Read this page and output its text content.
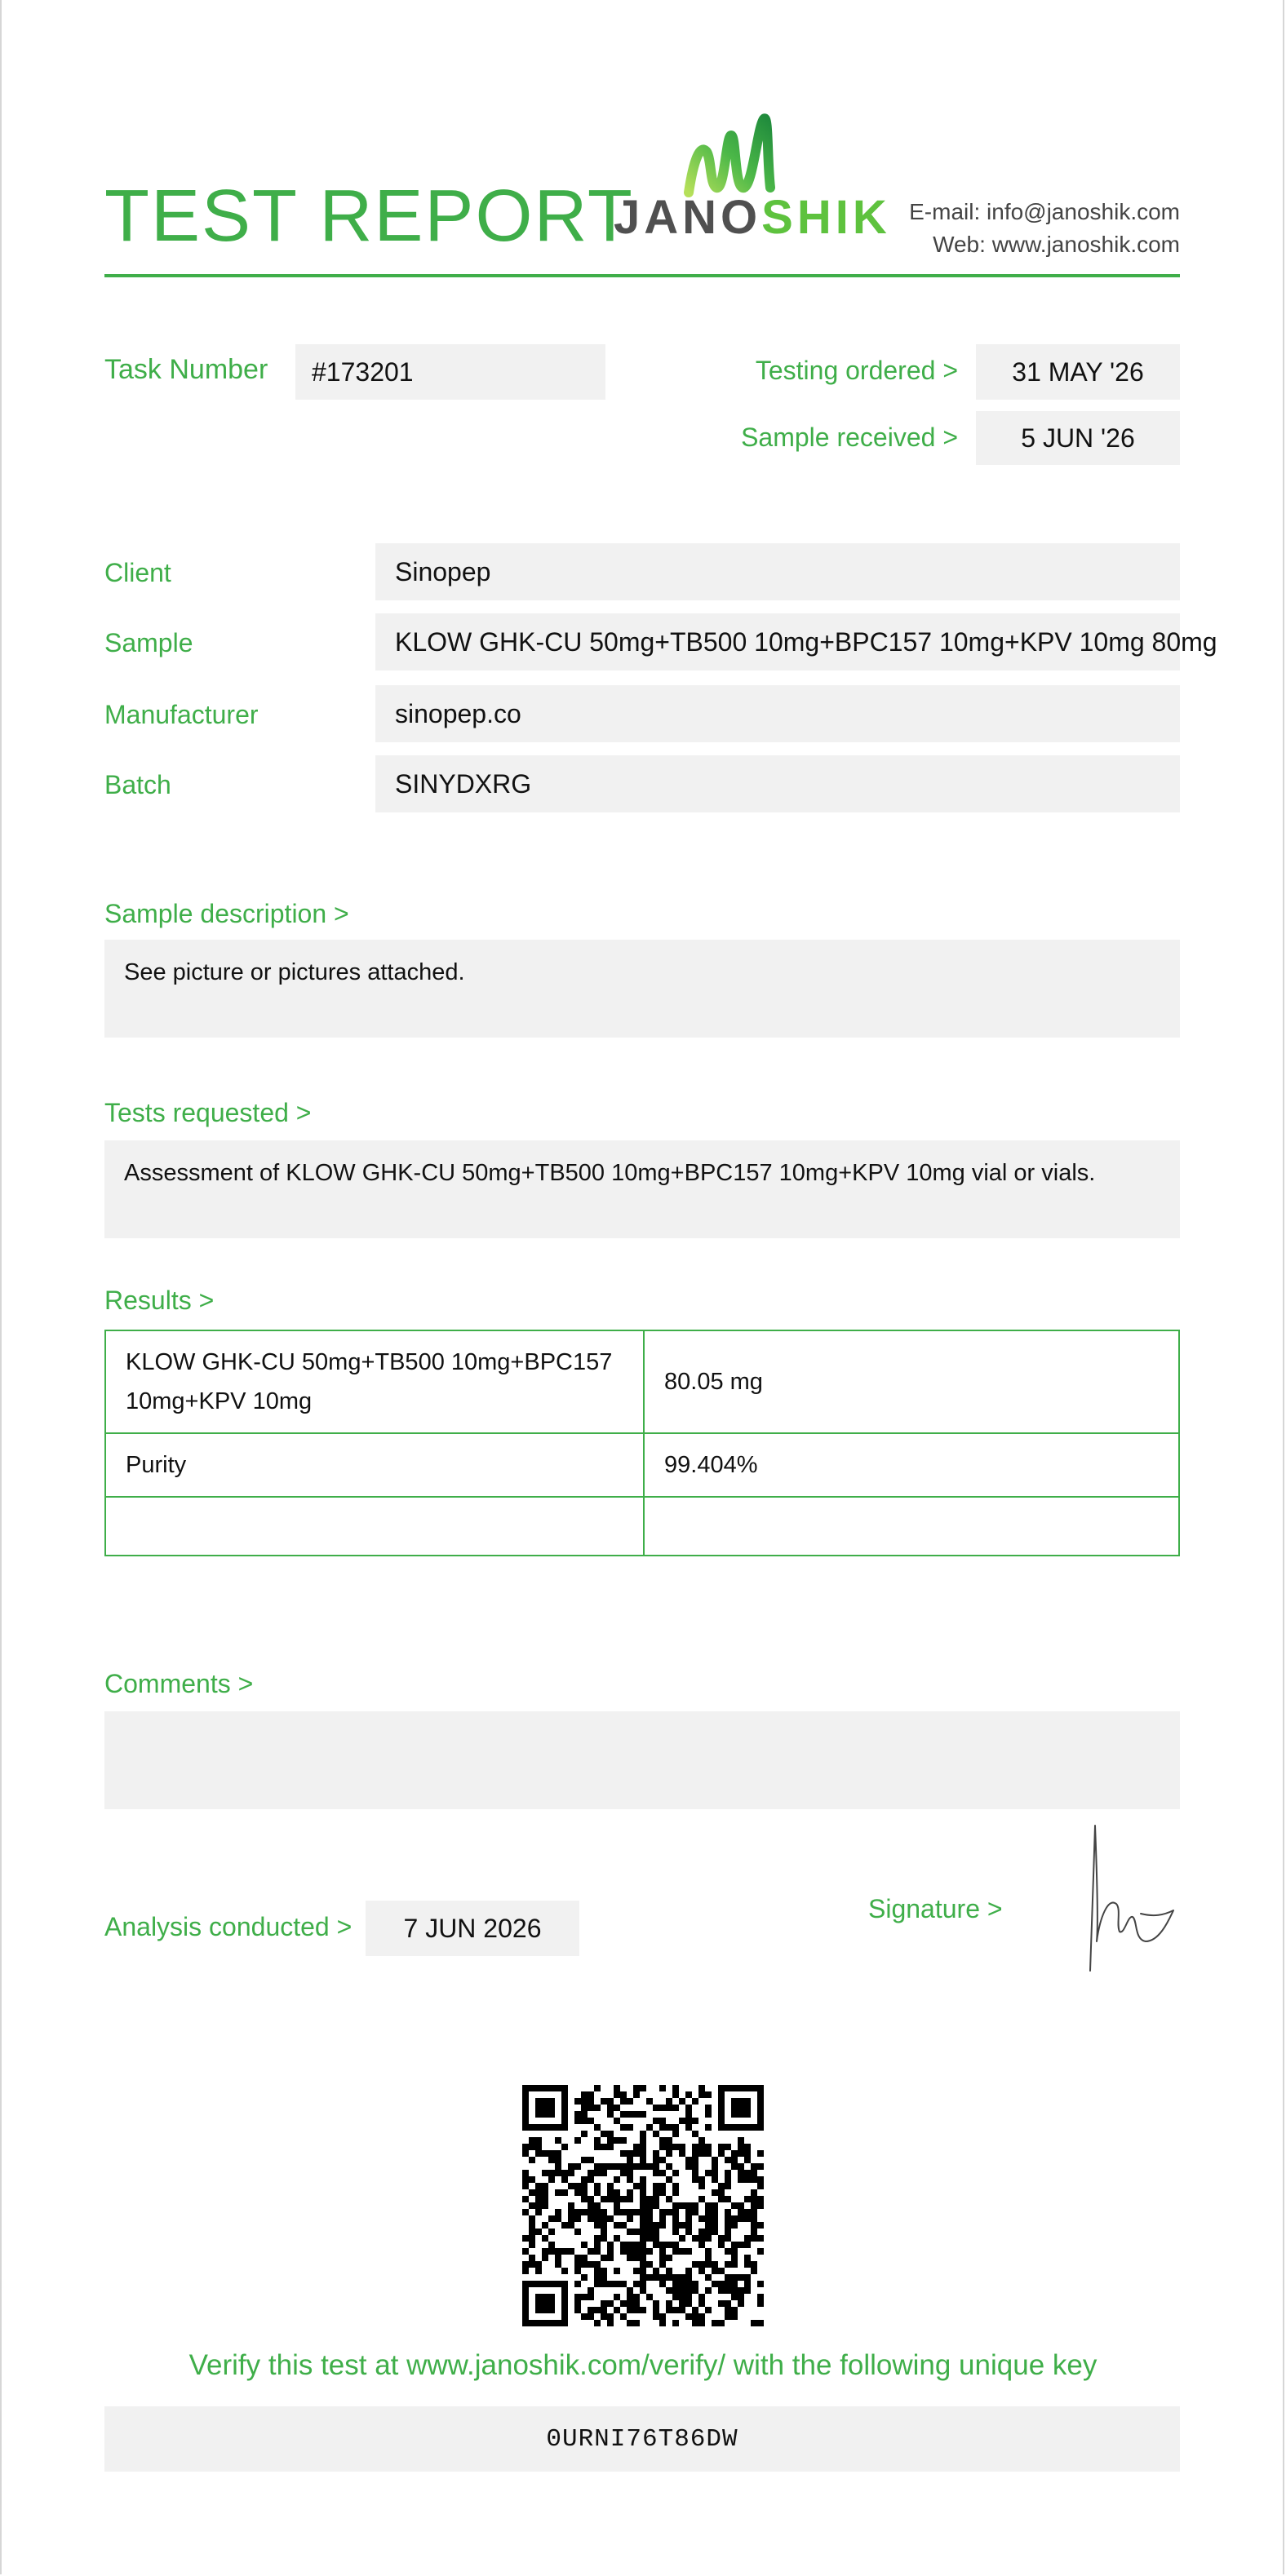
TEST REPORT
JANOSHIK E-mail: info@janoshik.com
Web: www.janoshik.com
Task Number	#173201	Testing ordered >	31 MAY '26
Sample received >	5 JUN '26
Client	Sinopep
Sample	KLOW GHK-CU 50mg+TB500 10mg+BPC157 10mg+KPV 10mg 80mg
Manufacturer	sinopep.co
Batch	SINYDXRG
Sample description >
See picture or pictures attached.
Tests requested >
Assessment of KLOW GHK-CU 50mg+TB500 10mg+BPC157 10mg+KPV 10mg vial or vials.
Results >
KLOW GHK-CU 50mg+TB500 10mg+BPC157 10mg+KPV 10mg	80.05 mg
Purity	99.404%

Comments >
Analysis conducted >	7 JUN 2026
Signature >
Verify this test at www.janoshik.com/verify/ with the following unique key
0URNI76T86DW
